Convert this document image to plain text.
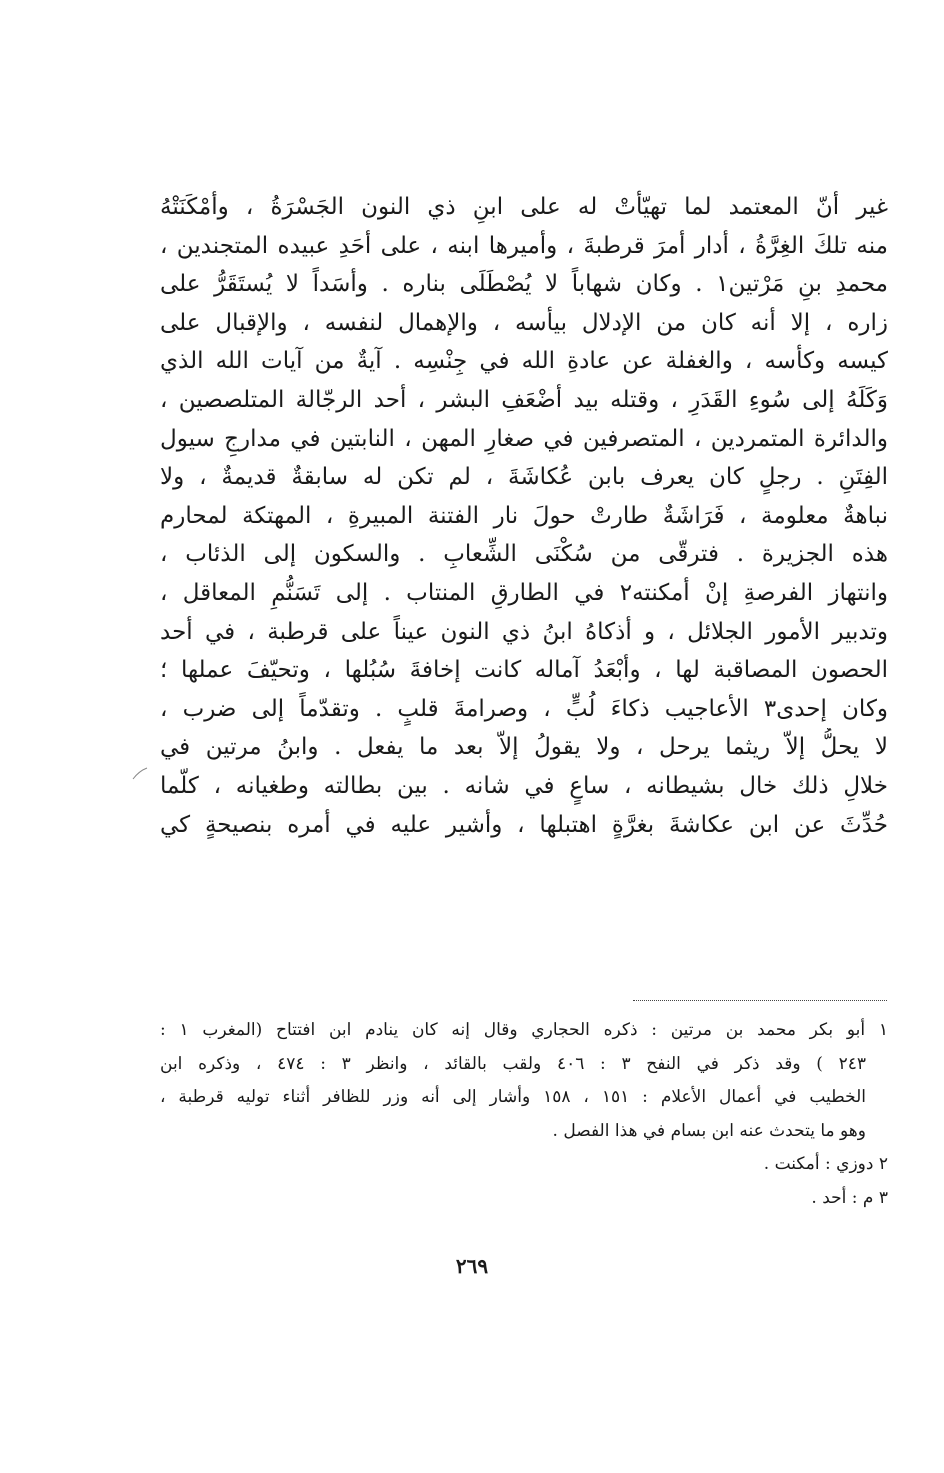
غير أنّ المعتمد لما تهيّأتْ له على ابنِ ذي النون الجَسْرَةُ ، وأمْكَنَتْهُ
منه تلكَ الغِرَّةُ ، أدار أمرَ قرطبةَ ، وأميرها ابنه ، على أحَدِ عبيده المتجندين ،
محمدِ بنِ مَرْتين١ . وكان شهاباً لا يُصْطَلَى بناره . وأسَداً لا يُستَقَرُّ على
زاره ، إلا أنه كان من الإدلال بيأسه ، والإهمال لنفسه ، والإقبال على
كيسه وكأسه ، والغفلة عن عادةِ الله في جِنْسِه . آيةٌ من آيات الله الذي
وَكَلَهُ إلى سُوءِ القَدَرِ ، وقتله بيد أضْعَفِ البشر ، أحد الرجّالة المتلصصين ،
والدائرة المتمردين ، المتصرفين في صغارِ المهن ، النابتين في مدارجِ سيول
الفِتَنِ . رجلٍ كان يعرف بابن عُكاشَةَ ، لم تكن له سابقةٌ قديمةٌ ، ولا
نباهةٌ معلومة ، فَرَاشَةٌ طارتْ حولَ نار الفتنة المبيرةِ ، المهتكة لمحارم
هذه الجزيرة . فترقّى من سُكْنَى الشِّعابِ . والسكون إلى الذئاب ،
وانتهاز الفرصةِ إنْ أمكنته٢ في الطارقِ المنتاب . إلى تَسَنُّمِ المعاقل ،
وتدبير الأمور الجلائل ، و أذكاهُ ابنُ ذي النون عيناً على قرطبة ، في أحد
الحصون المصاقبة لها ، وأبْعَدُ آماله كانت إخافةَ سُبُلها ، وتحيّفَ عملها ؛
وكان إحدى٣ الأعاجيب ذكاءَ لُبٍّ ، وصرامةَ قلبٍ . وتقدّماً إلى ضرب ،
لا يحلُّ إلاّ ريثما يرحل ، ولا يقولُ إلاّ بعد ما يفعل . وابنُ مرتين في
خلالِ ذلك خال بشيطانه ، ساعٍ في شانه . بين بطالته وطغيانه ، كلّما
حُدِّثَ عن ابن عكاشةَ بغرَّةٍ اهتبلها ، وأشير عليه في أمره بنصيحةٍ كي
١ أبو بكر محمد بن مرتين : ذكره الحجاري وقال إنه كان ينادم ابن افتتاح (المغرب ١ :
٢٤٣ ) وقد ذكر في النفح ٣ : ٤٠٦ ولقب بالقائد ، وانظر ٣ : ٤٧٤ ، وذكره ابن
الخطيب في أعمال الأعلام : ١٥١ ، ١٥٨ وأشار إلى أنه وزر للظافر أثناء توليه قرطبة ،
وهو ما يتحدث عنه ابن بسام في هذا الفصل .
٢ دوزي : أمكنت .
٣ م : أحد .
٢٦٩
